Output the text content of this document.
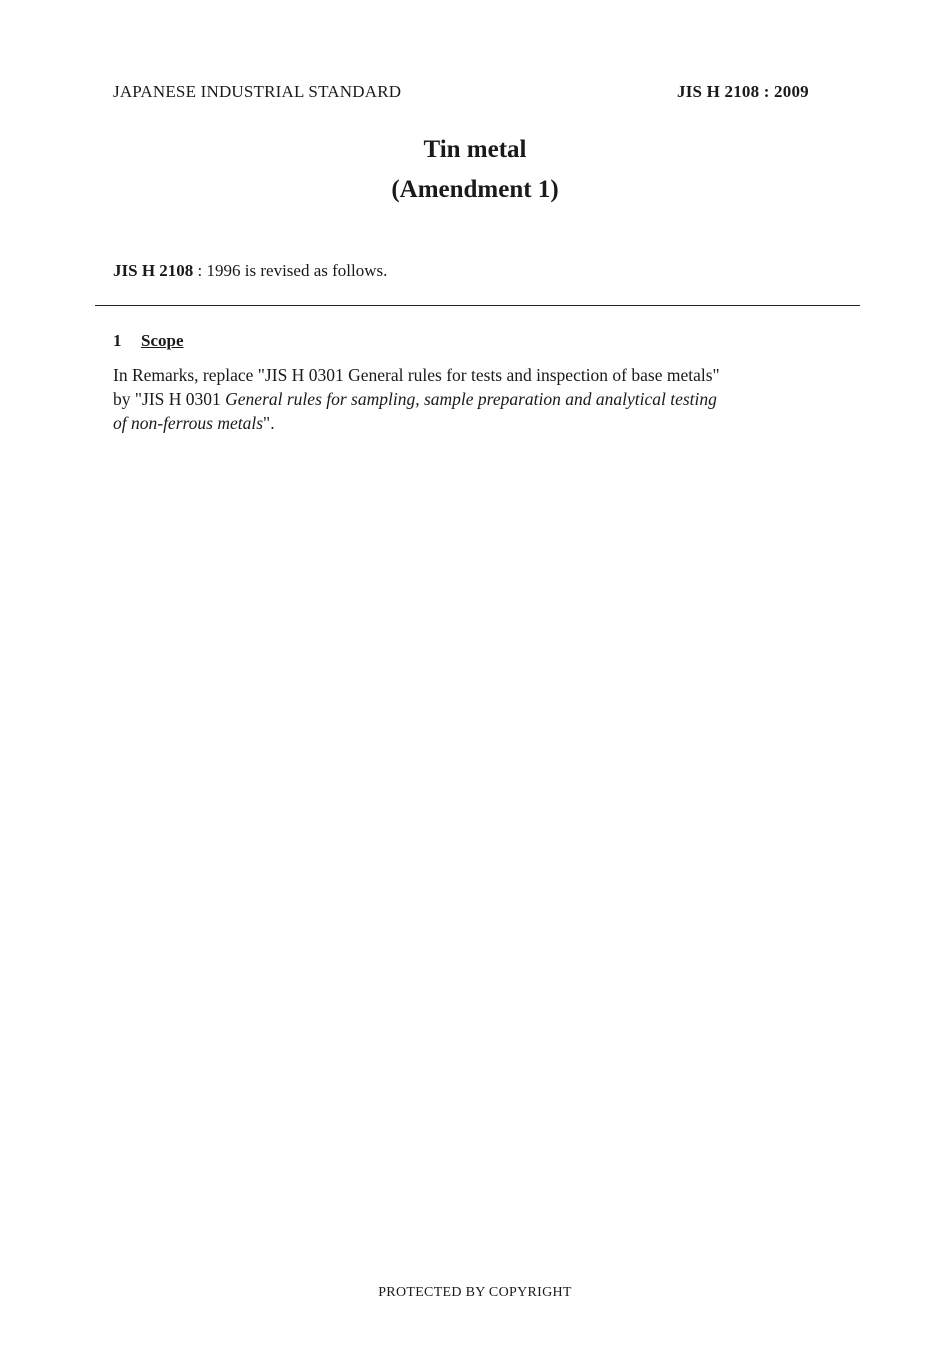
JAPANESE INDUSTRIAL STANDARD	JIS H 2108 : 2009
Tin metal
(Amendment 1)
JIS H 2108 : 1996 is revised as follows.
1 Scope
In Remarks, replace "JIS H 0301 General rules for tests and inspection of base metals"
by "JIS H 0301 General rules for sampling, sample preparation and analytical testing
of non-ferrous metals".
PROTECTED BY COPYRIGHT
